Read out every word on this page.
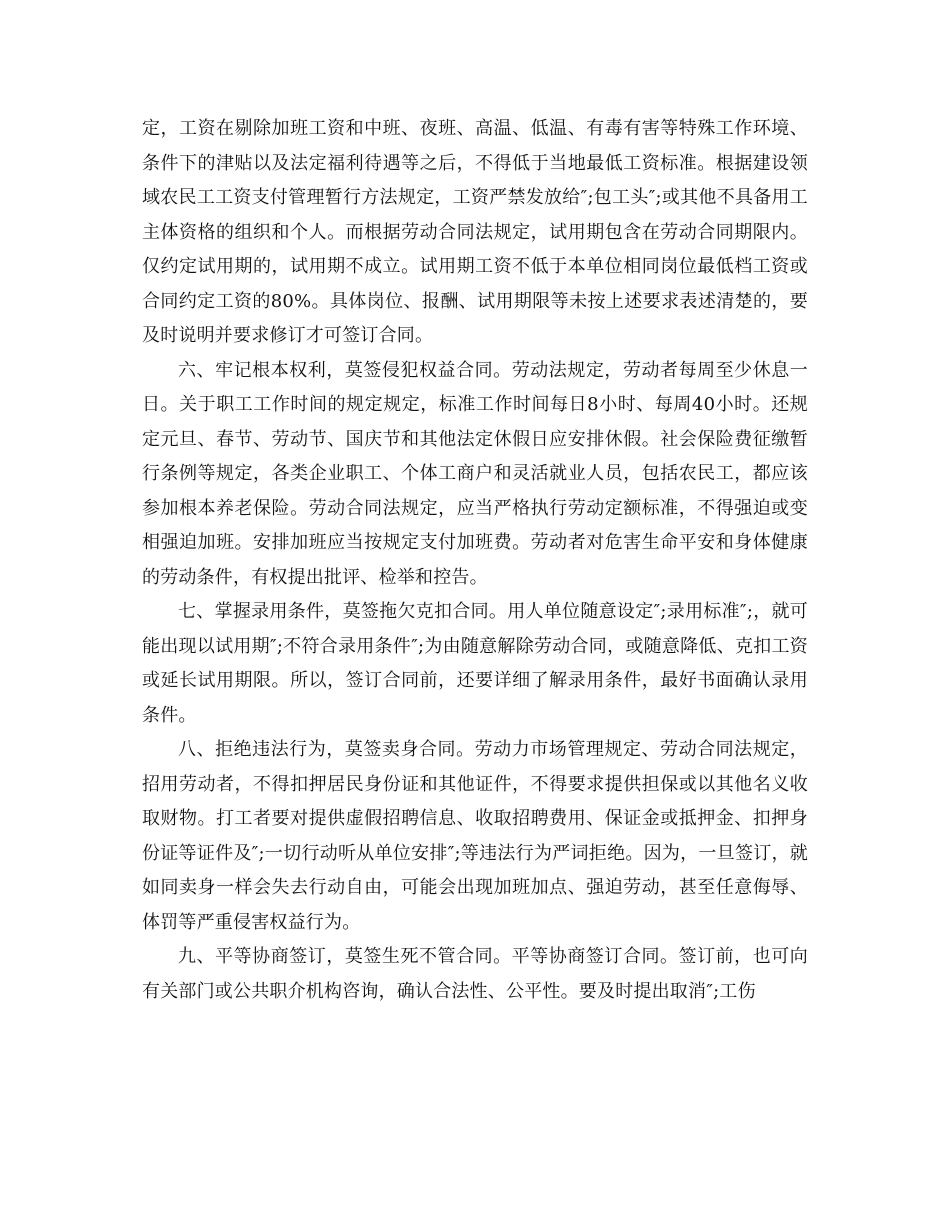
定，工资在剔除加班工资和中班、夜班、高温、低温、有毒有害等特殊工作环境、条件下的津贴以及法定福利待遇等之后，不得低于当地最低工资标准。根据建设领域农民工工资支付管理暂行方法规定，工资严禁发放给″;包工头″;或其他不具备用工主体资格的组织和个人。而根据劳动合同法规定，试用期包含在劳动合同期限内。仅约定试用期的，试用期不成立。试用期工资不低于本单位相同岗位最低档工资或合同约定工资的80%。具体岗位、报酬、试用期限等未按上述要求表述清楚的，要及时说明并要求修订才可签订合同。

六、牢记根本权利，莫签侵犯权益合同。劳动法规定，劳动者每周至少休息一日。关于职工工作时间的规定规定，标准工作时间每日8小时、每周40小时。还规定元旦、春节、劳动节、国庆节和其他法定休假日应安排休假。社会保险费征缴暂行条例等规定，各类企业职工、个体工商户和灵活就业人员，包括农民工，都应该参加根本养老保险。劳动合同法规定，应当严格执行劳动定额标准，不得强迫或变相强迫加班。安排加班应当按规定支付加班费。劳动者对危害生命平安和身体健康的劳动条件，有权提出批评、检举和控告。

七、掌握录用条件，莫签拖欠克扣合同。用人单位随意设定″;录用标准″;，就可能出现以试用期″;不符合录用条件″;为由随意解除劳动合同，或随意降低、克扣工资或延长试用期限。所以，签订合同前，还要详细了解录用条件，最好书面确认录用条件。

八、拒绝违法行为，莫签卖身合同。劳动力市场管理规定、劳动合同法规定，招用劳动者，不得扣押居民身份证和其他证件，不得要求提供担保或以其他名义收取财物。打工者要对提供虚假招聘信息、收取招聘费用、保证金或抵押金、扣押身份证等证件及″;一切行动听从单位安排″;等违法行为严词拒绝。因为，一旦签订，就如同卖身一样会失去行动自由，可能会出现加班加点、强迫劳动，甚至任意侮辱、体罚等严重侵害权益行为。

九、平等协商签订，莫签生死不管合同。平等协商签订合同。签订前，也可向有关部门或公共职介机构咨询，确认合法性、公平性。要及时提出取消″;工伤
